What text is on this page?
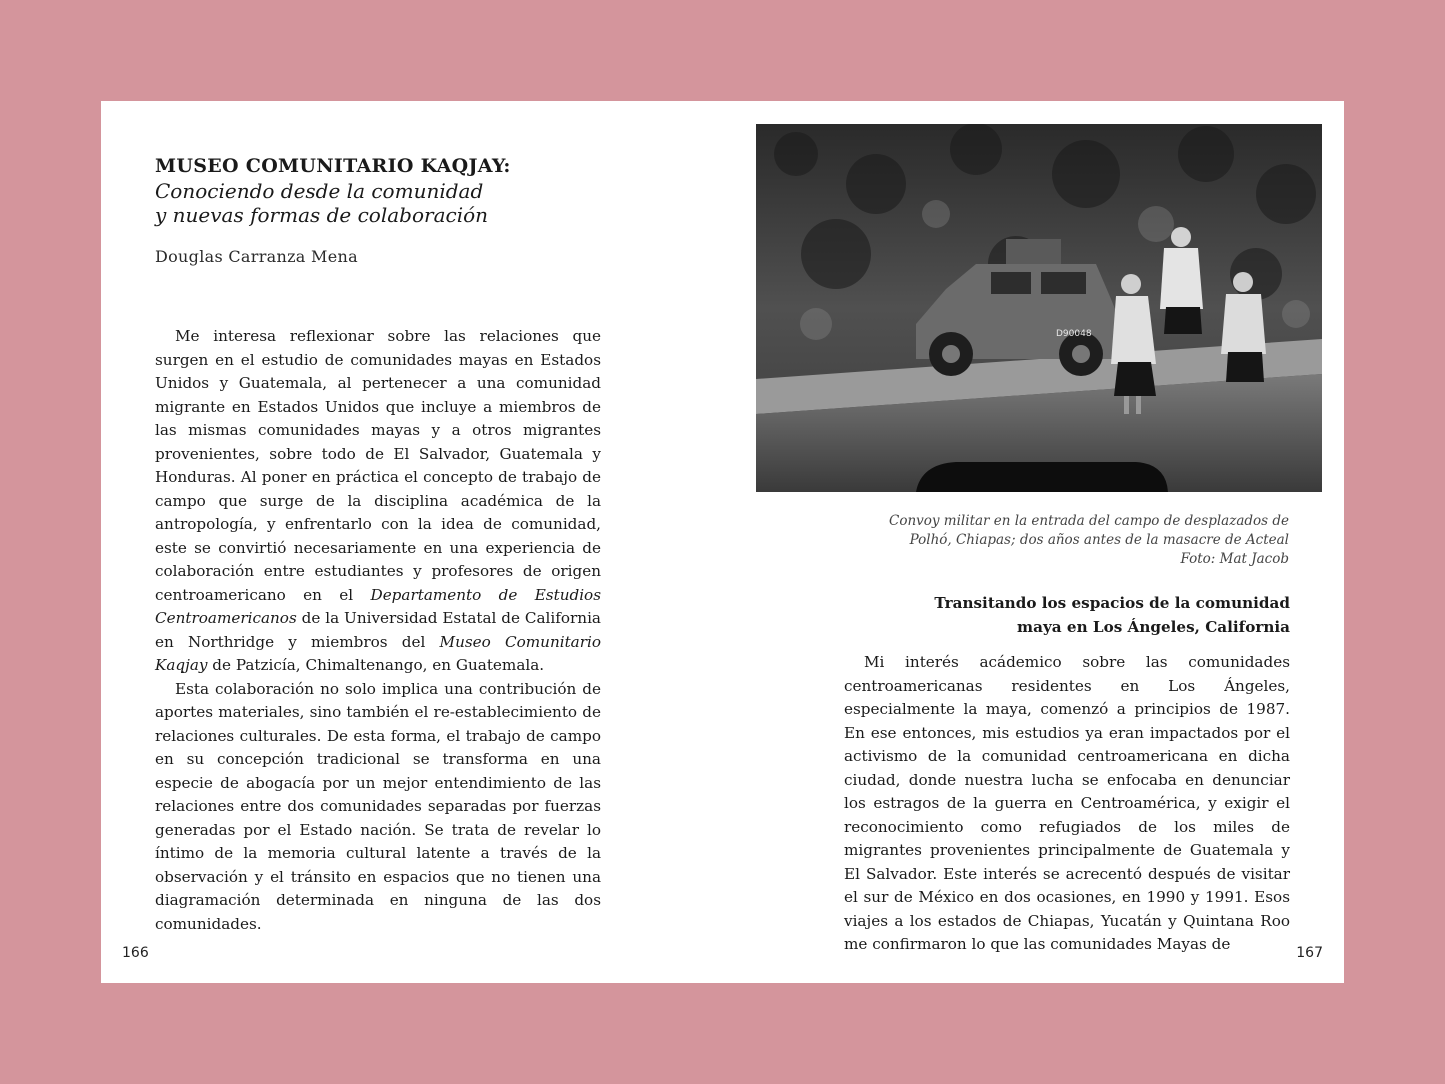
MUSEO COMUNITARIO KAQJAY:
Conociendo desde la comunidad
y nuevas formas de colaboración
Douglas Carranza Mena

Me interesa reflexionar sobre las relaciones que surgen en el estudio de comunidades mayas en Estados Unidos y Guatemala, al pertenecer a una comunidad migrante en Estados Unidos que incluye a miembros de las mismas comunidades mayas y a otros migrantes provenientes, sobre todo de El Salvador, Guatemala y Honduras. Al poner en práctica el concepto de trabajo de campo que surge de la disciplina académica de la antropología, y enfrentarlo con la idea de comunidad, este se convirtió necesariamente en una experiencia de colaboración entre estudiantes y profesores de origen centroamericano en el Departamento de Estudios Centroamericanos de la Universidad Estatal de California en Northridge y miembros del Museo Comunitario Kaqjay de Patzicía, Chimaltenango, en Guatemala.

Esta colaboración no solo implica una contribución de aportes materiales, sino también el re-establecimiento de relaciones culturales. De esta forma, el trabajo de campo en su concepción tradicional se transforma en una especie de abogacía por un mejor entendimiento de las relaciones entre dos comunidades separadas por fuerzas generadas por el Estado nación. Se trata de revelar lo íntimo de la memoria cultural latente a través de la observación y el tránsito en espacios que no tienen una diagramación determinada en ninguna de las dos comunidades.

166
D90048
Convoy militar en la entrada del campo de desplazados de
Polhó, Chiapas; dos años antes de la masacre de Acteal
Foto: Mat Jacob
Transitando los espacios de la comunidad
maya en Los Ángeles, California

Mi interés acádemico sobre las comunidades centroamericanas residentes en Los Ángeles, especialmente la maya, comenzó a principios de 1987. En ese entonces, mis estudios ya eran impactados por el activismo de la comunidad centroamericana en dicha ciudad, donde nuestra lucha se enfocaba en denunciar los estragos de la guerra en Centroamérica, y exigir el reconocimiento como refugiados de los miles de migrantes provenientes principalmente de Guatemala y El Salvador. Este interés se acrecentó después de visitar el sur de México en dos ocasiones, en 1990 y 1991. Esos viajes a los estados de Chiapas, Yucatán y Quintana Roo me confirmaron lo que las comunidades Mayas de	167
